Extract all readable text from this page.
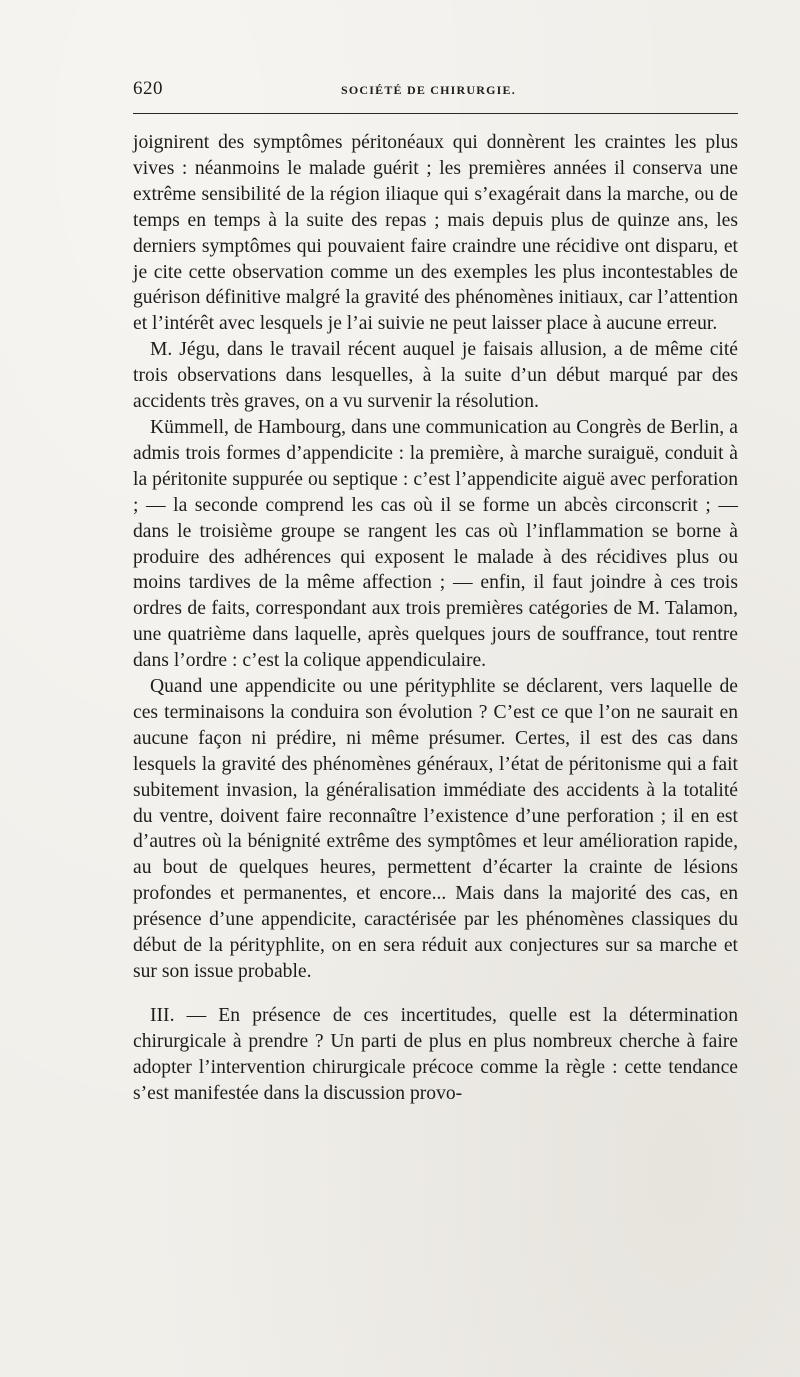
620	SOCIÉTÉ DE CHIRURGIE.

joignirent des symptômes péritonéaux qui donnèrent les craintes les plus vives : néanmoins le malade guérit ; les premières années il conserva une extrême sensibilité de la région iliaque qui s’exagérait dans la marche, ou de temps en temps à la suite des repas ; mais depuis plus de quinze ans, les derniers symptômes qui pouvaient faire craindre une récidive ont disparu, et je cite cette observation comme un des exemples les plus incontestables de guérison définitive malgré la gravité des phénomènes initiaux, car l’attention et l’intérêt avec lesquels je l’ai suivie ne peut laisser place à aucune erreur.

M. Jégu, dans le travail récent auquel je faisais allusion, a de même cité trois observations dans lesquelles, à la suite d’un début marqué par des accidents très graves, on a vu survenir la résolution.

Kümmell, de Hambourg, dans une communication au Congrès de Berlin, a admis trois formes d’appendicite : la première, à marche suraiguë, conduit à la péritonite suppurée ou septique : c’est l’appendicite aiguë avec perforation ; — la seconde comprend les cas où il se forme un abcès circonscrit ; — dans le troisième groupe se rangent les cas où l’inflammation se borne à produire des adhérences qui exposent le malade à des récidives plus ou moins tardives de la même affection ; — enfin, il faut joindre à ces trois ordres de faits, correspondant aux trois premières catégories de M. Talamon, une quatrième dans laquelle, après quelques jours de souffrance, tout rentre dans l’ordre : c’est la colique appendiculaire.

Quand une appendicite ou une pérityphlite se déclarent, vers laquelle de ces terminaisons la conduira son évolution ? C’est ce que l’on ne saurait en aucune façon ni prédire, ni même présumer. Certes, il est des cas dans lesquels la gravité des phénomènes généraux, l’état de péritonisme qui a fait subitement invasion, la généralisation immédiate des accidents à la totalité du ventre, doivent faire reconnaître l’existence d’une perforation ; il en est d’autres où la bénignité extrême des symptômes et leur amélioration rapide, au bout de quelques heures, permettent d’écarter la crainte de lésions profondes et permanentes, et encore... Mais dans la majorité des cas, en présence d’une appendicite, caractérisée par les phénomènes classiques du début de la pérityphlite, on en sera réduit aux conjectures sur sa marche et sur son issue probable.

III. — En présence de ces incertitudes, quelle est la détermination chirurgicale à prendre ? Un parti de plus en plus nombreux cherche à faire adopter l’intervention chirurgicale précoce comme la règle : cette tendance s’est manifestée dans la discussion provo-
